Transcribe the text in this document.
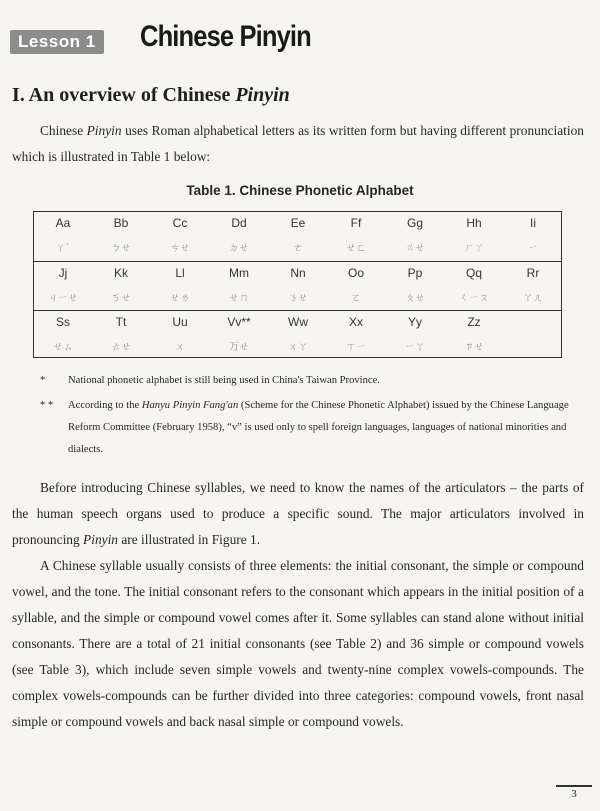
Lesson 1 Chinese Pinyin
I. An overview of Chinese Pinyin
Chinese Pinyin uses Roman alphabetical letters as its written form but having different pronunciation which is illustrated in Table 1 below:
Table 1. Chinese Phonetic Alphabet
Aa
ㄚˋ
Bb
ㄅㄝ
Cc
ㄘㄝ
Dd
ㄉㄝ
Ee
ㄜ
Ff
ㄝㄈ
Gg
ㄍㄝ
Hh
ㄏㄚ
Ii
ㄧ
Jj
ㄐㄧㄝ
Kk
ㄎㄝ
Ll
ㄝㄌ
Mm
ㄝㄇ
Nn
ㄋㄝ
Oo
ㄛ
Pp
ㄆㄝ
Qq
ㄑㄧㄡ
Rr
ㄚㄦ
Ss
ㄝㄙ
Tt
ㄊㄝ
Uu
ㄨ
Vv**
ㄪㄝ
Ww
ㄨㄚ
Xx
ㄒㄧ
Yy
ㄧㄚ
Zz
ㄗㄝ
* National phonetic alphabet is still being used in China's Taiwan Province.
* * According to the Hanyu Pinyin Fang'an (Scheme for the Chinese Phonetic Alphabet) issued by the Chinese Language Reform Committee (February 1958), “v” is used only to spell foreign languages, languages of national minorities and dialects.
Before introducing Chinese syllables, we need to know the names of the articulators – the parts of the human speech organs used to produce a specific sound. The major articulators involved in pronouncing Pinyin are illustrated in Figure 1.
A Chinese syllable usually consists of three elements: the initial consonant, the simple or compound vowel, and the tone. The initial consonant refers to the consonant which appears in the initial position of a syllable, and the simple or compound vowel comes after it. Some syllables can stand alone without initial consonants. There are a total of 21 initial consonants (see Table 2) and 36 simple or compound vowels (see Table 3), which include seven simple vowels and twenty-nine complex vowels-compounds. The complex vowels-compounds can be further divided into three categories: compound vowels, front nasal simple or compound vowels and back nasal simple or compound vowels.
3
